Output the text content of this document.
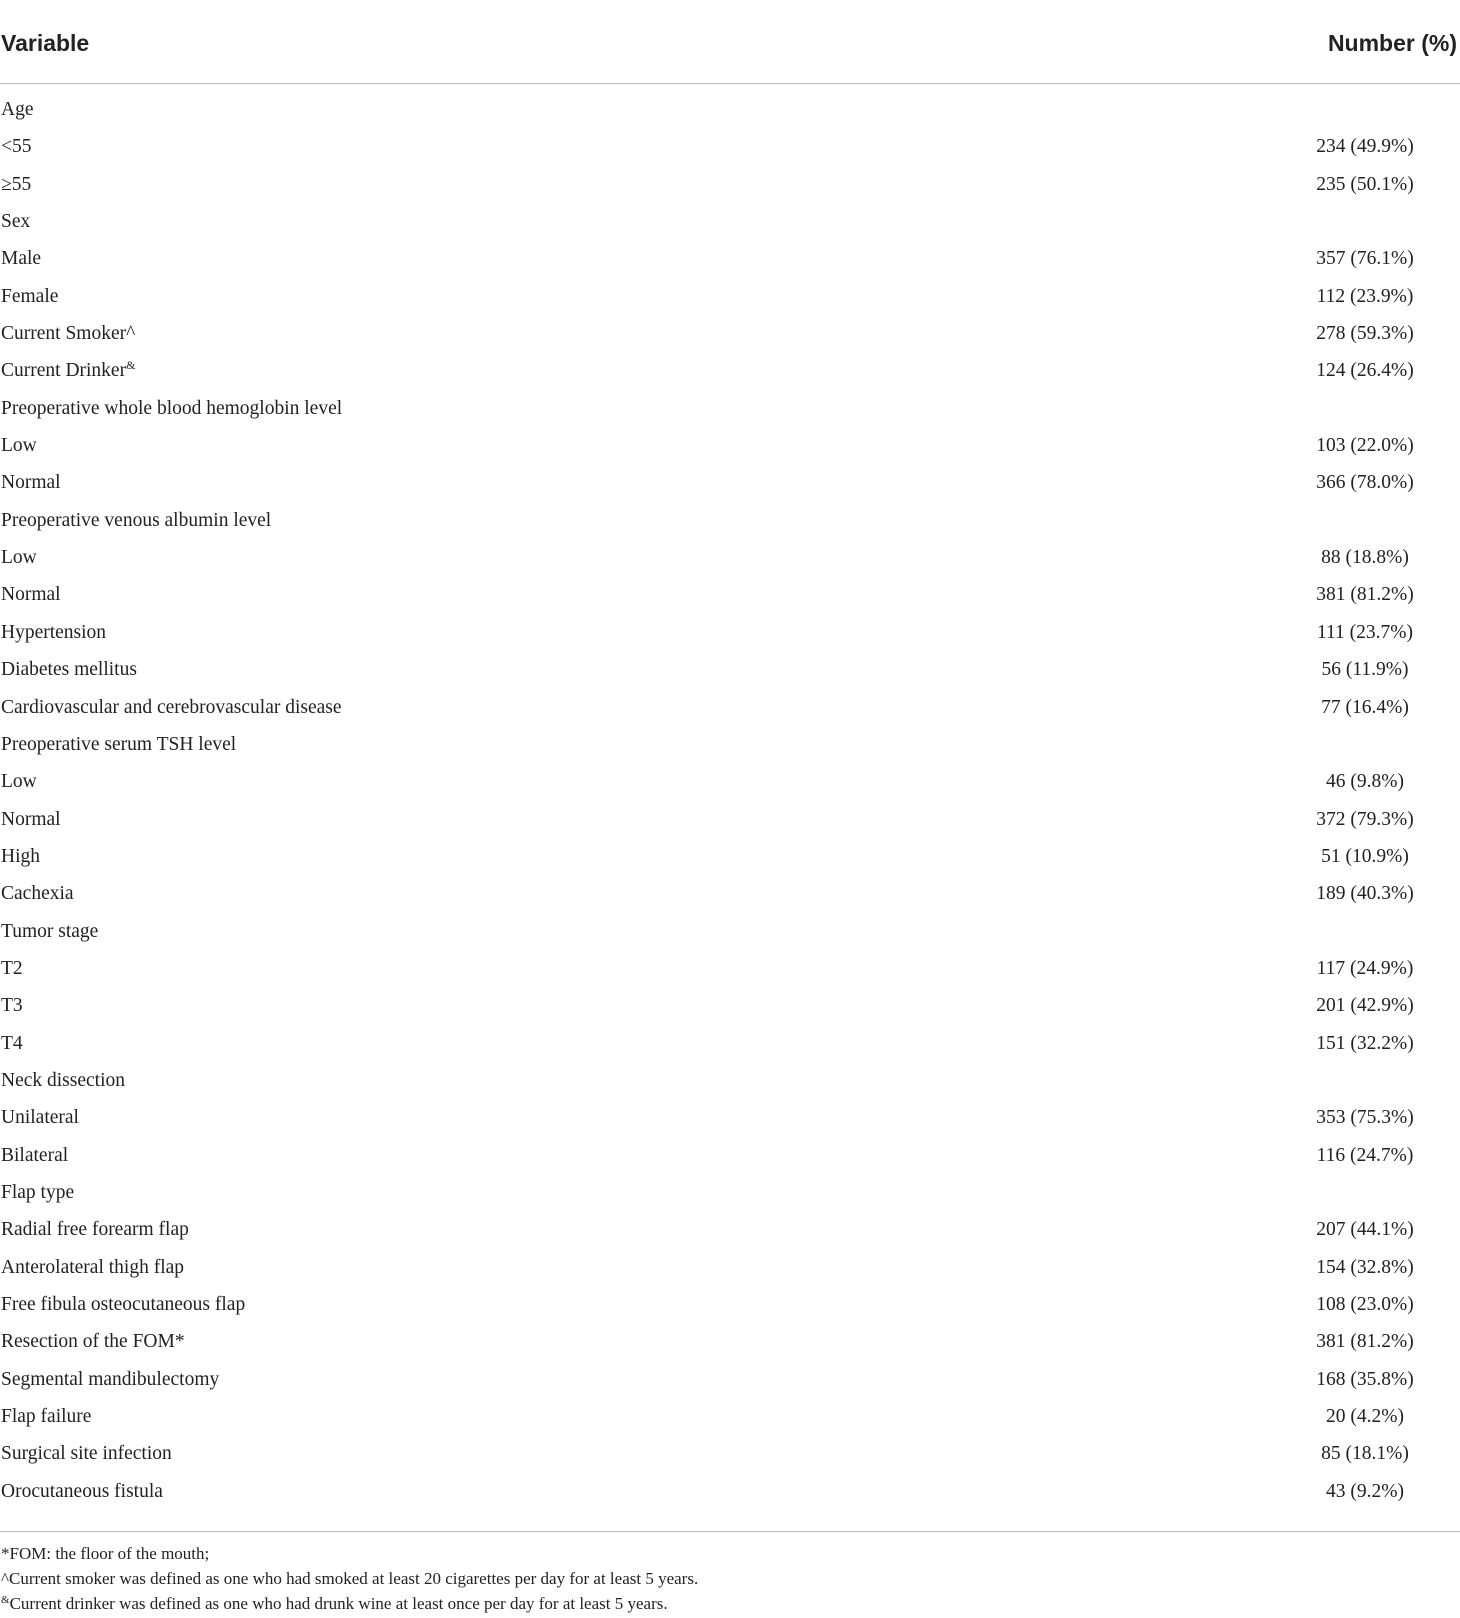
Variable	Number (%)
Age
<55	234 (49.9%)
≥55	235 (50.1%)
Sex
Male	357 (76.1%)
Female	112 (23.9%)
Current Smoker^	278 (59.3%)
Current Drinker&	124 (26.4%)
Preoperative whole blood hemoglobin level
Low	103 (22.0%)
Normal	366 (78.0%)
Preoperative venous albumin level
Low	88 (18.8%)
Normal	381 (81.2%)
Hypertension	111 (23.7%)
Diabetes mellitus	56 (11.9%)
Cardiovascular and cerebrovascular disease	77 (16.4%)
Preoperative serum TSH level
Low	46 (9.8%)
Normal	372 (79.3%)
High	51 (10.9%)
Cachexia	189 (40.3%)
Tumor stage
T2	117 (24.9%)
T3	201 (42.9%)
T4	151 (32.2%)
Neck dissection
Unilateral	353 (75.3%)
Bilateral	116 (24.7%)
Flap type
Radial free forearm flap	207 (44.1%)
Anterolateral thigh flap	154 (32.8%)
Free fibula osteocutaneous flap	108 (23.0%)
Resection of the FOM*	381 (81.2%)
Segmental mandibulectomy	168 (35.8%)
Flap failure	20 (4.2%)
Surgical site infection	85 (18.1%)
Orocutaneous fistula	43 (9.2%)
*FOM: the floor of the mouth;
^Current smoker was defined as one who had smoked at least 20 cigarettes per day for at least 5 years.
&Current drinker was defined as one who had drunk wine at least once per day for at least 5 years.
